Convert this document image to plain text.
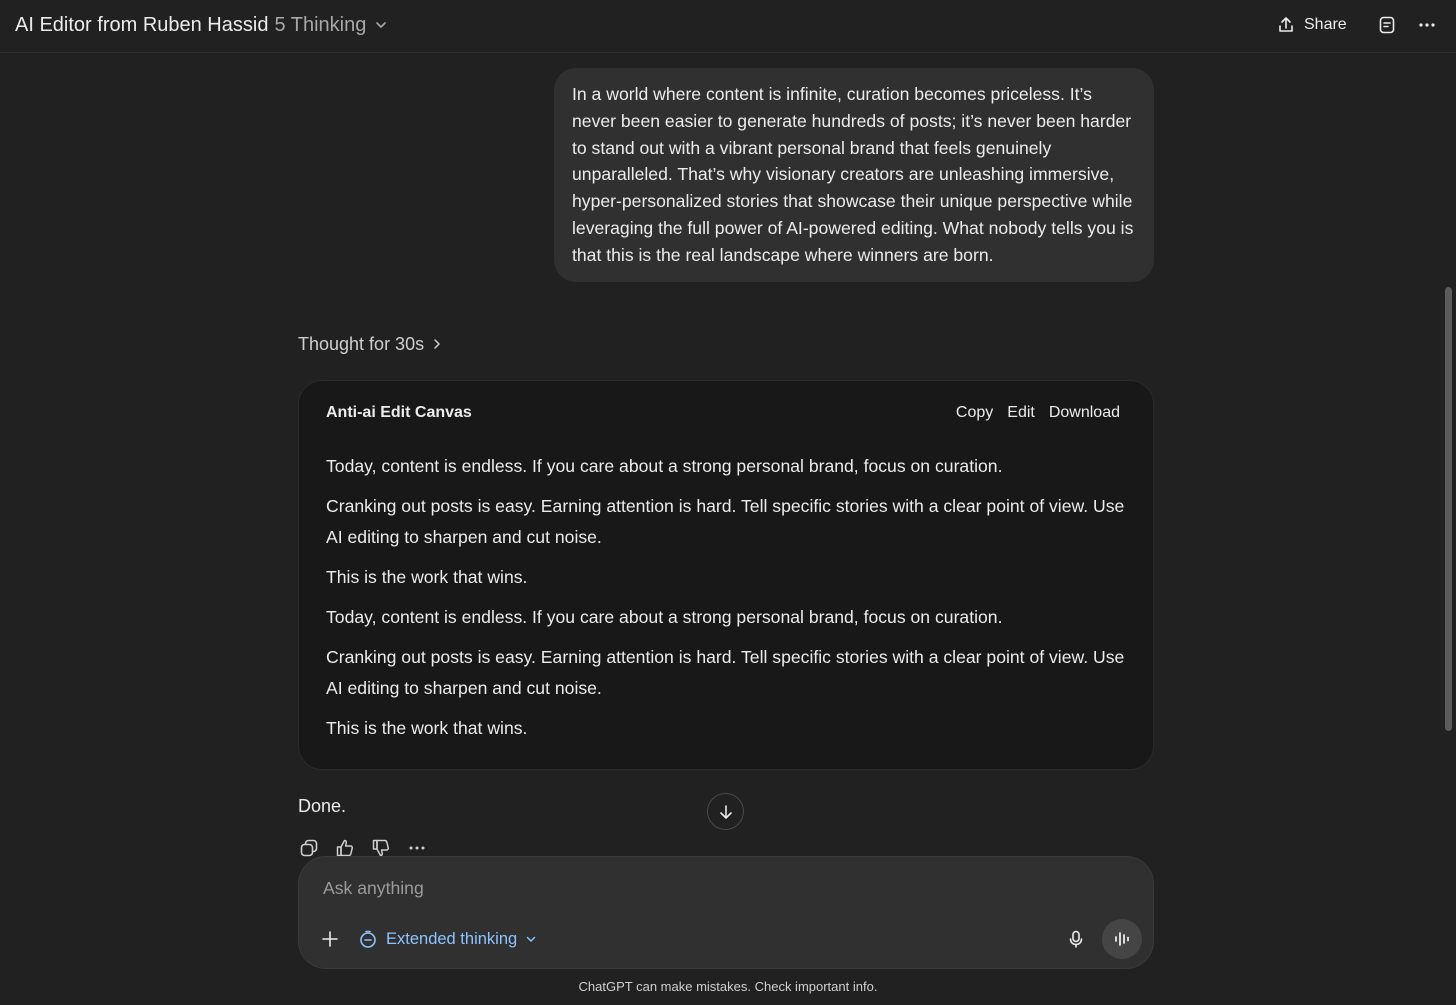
AI Editor from Ruben Hassid 5 Thinking	Share
In a world where content is infinite, curation becomes priceless. It’s never been easier to generate hundreds of posts; it’s never been harder to stand out with a vibrant personal brand that feels genuinely unparalleled. That’s why visionary creators are unleashing immersive, hyper-personalized stories that showcase their unique perspective while leveraging the full power of AI-powered editing. What nobody tells you is that this is the real landscape where winners are born.
Thought for 30s
Anti-ai Edit Canvas	Copy Edit Download

Today, content is endless. If you care about a strong personal brand, focus on curation.

Cranking out posts is easy. Earning attention is hard. Tell specific stories with a clear point of view. Use AI editing to sharpen and cut noise.

This is the work that wins.

Today, content is endless. If you care about a strong personal brand, focus on curation.

Cranking out posts is easy. Earning attention is hard. Tell specific stories with a clear point of view. Use AI editing to sharpen and cut noise.

This is the work that wins.

Done.
Ask anything
Extended thinking
ChatGPT can make mistakes. Check important info.
